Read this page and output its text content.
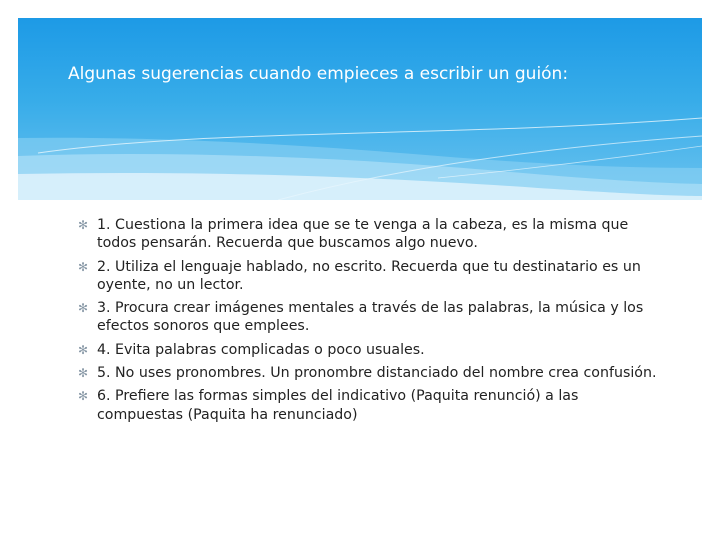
Algunas sugerencias cuando empieces a escribir un guión:
✻ 1. Cuestiona la primera idea que se te venga a la cabeza, es la misma que todos pensarán. Recuerda que buscamos algo nuevo.
✻ 2. Utiliza el lenguaje hablado, no escrito. Recuerda que tu destinatario es un oyente, no un lector.
✻ 3. Procura crear imágenes mentales a través de las palabras, la música y los efectos sonoros que emplees.
✻ 4. Evita palabras complicadas o poco usuales.
✻ 5. No uses pronombres. Un pronombre distanciado del nombre crea confusión.
✻ 6. Prefiere las formas simples del indicativo (Paquita renunció) a las compuestas (Paquita ha renunciado)
